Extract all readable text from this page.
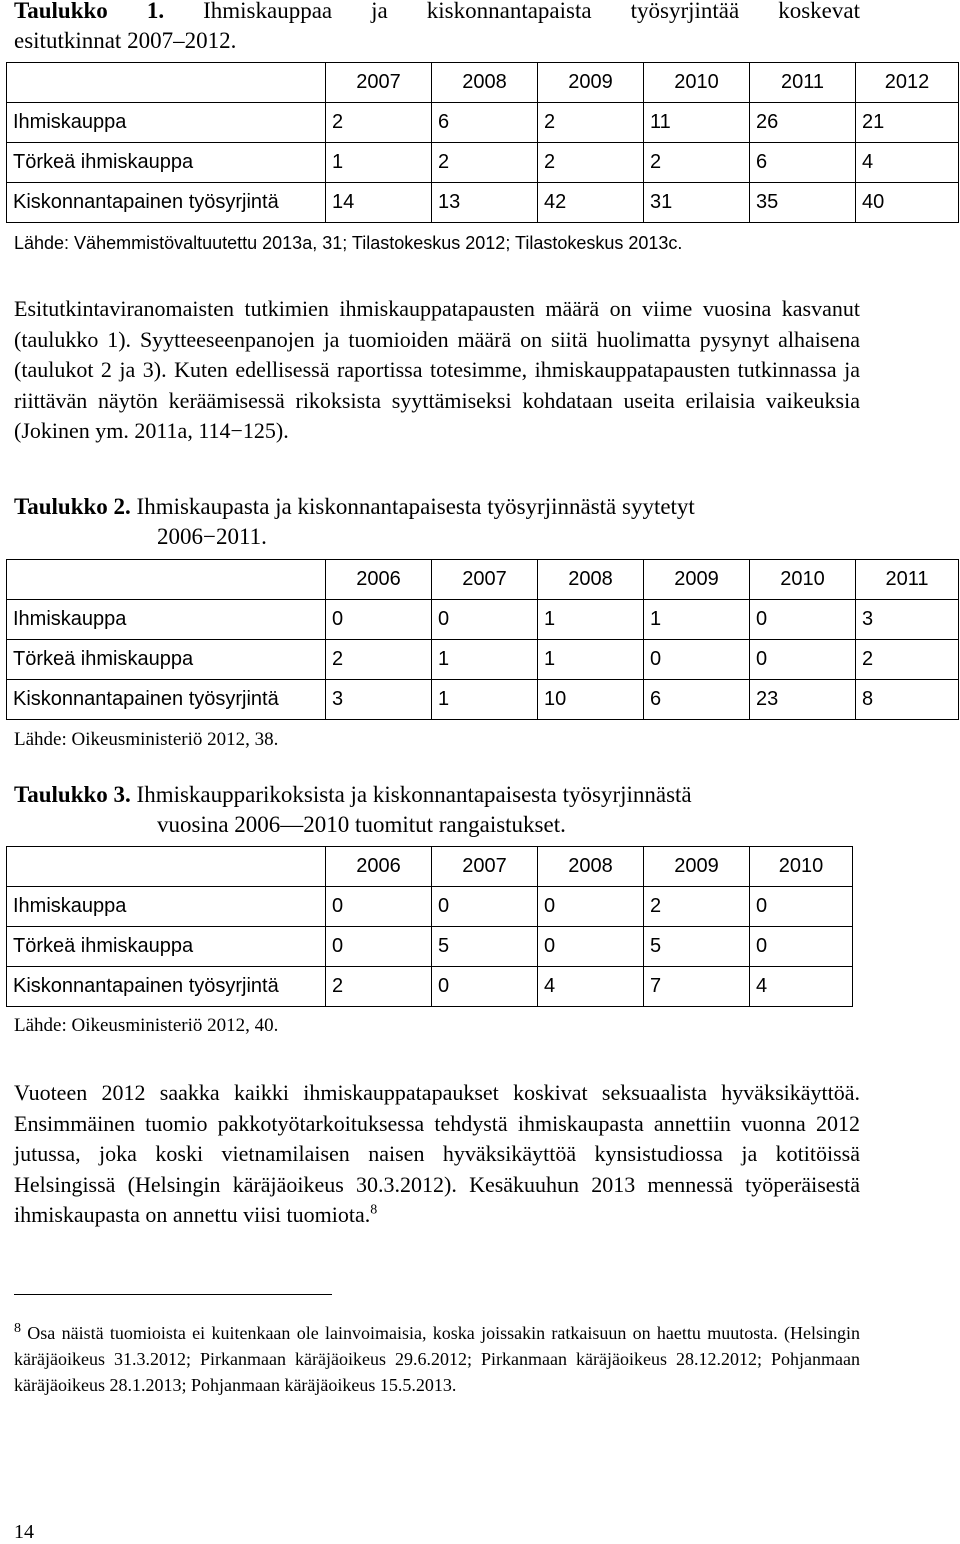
Taulukko 1. Ihmiskauppaa ja kiskonnantapaista työsyrjintää koskevat

esitutkinnat 2007–2012.

	2007	2008	2009	2010	2011	2012
Ihmiskauppa	2	6	2	11	26	21
Törkeä ihmiskauppa	1	2	2	2	6	4
Kiskonnantapainen työsyrjintä	14	13	42	31	35	40
Lähde: Vähemmistövaltuutettu 2013a, 31; Tilastokeskus 2012; Tilastokeskus 2013c.

Esitutkintaviranomaisten tutkimien ihmiskauppatapausten määrä on viime vuosina kasvanut (taulukko 1). Syytteeseenpanojen ja tuomioiden määrä on siitä huolimatta pysynyt alhaisena (taulukot 2 ja 3). Kuten edellisessä raportissa totesimme, ihmiskauppatapausten tutkinnassa ja riittävän näytön keräämisessä rikoksista syyttämiseksi kohdataan useita erilaisia vaikeuksia (Jokinen ym. 2011a, 114−125).

Taulukko 2. Ihmiskaupasta ja kiskonnantapaisesta työsyrjinnästä syytetyt

2006−2011.

	2006	2007	2008	2009	2010	2011
Ihmiskauppa	0	0	1	1	0	3
Törkeä ihmiskauppa	2	1	1	0	0	2
Kiskonnantapainen työsyrjintä	3	1	10	6	23	8
Lähde: Oikeusministeriö 2012, 38.

Taulukko 3. Ihmiskaupparikoksista ja kiskonnantapaisesta työsyrjinnästä

vuosina 2006—2010 tuomitut rangaistukset.

	2006	2007	2008	2009	2010
Ihmiskauppa	0	0	0	2	0
Törkeä ihmiskauppa	0	5	0	5	0
Kiskonnantapainen työsyrjintä	2	0	4	7	4
Lähde: Oikeusministeriö 2012, 40.

Vuoteen 2012 saakka kaikki ihmiskauppatapaukset koskivat seksuaalista hyväksikäyttöä. Ensimmäinen tuomio pakkotyötarkoituksessa tehdystä ihmiskaupasta annettiin vuonna 2012 jutussa, joka koski vietnamilaisen naisen hyväksikäyttöä kynsistudiossa ja kotitöissä Helsingissä (Helsingin käräjäoikeus 30.3.2012). Kesäkuuhun 2013 mennessä työperäisestä ihmiskaupasta on annettu viisi tuomiota.$^8$

$^8$ Osa näistä tuomioista ei kuitenkaan ole lainvoimaisia, koska joissakin ratkaisuun on haettu muutosta. (Helsingin käräjäoikeus 31.3.2012; Pirkanmaan käräjäoikeus 29.6.2012; Pirkanmaan käräjäoikeus 28.12.2012; Pohjanmaan käräjäoikeus 28.1.2013; Pohjanmaan käräjäoikeus 15.5.2013.

14
